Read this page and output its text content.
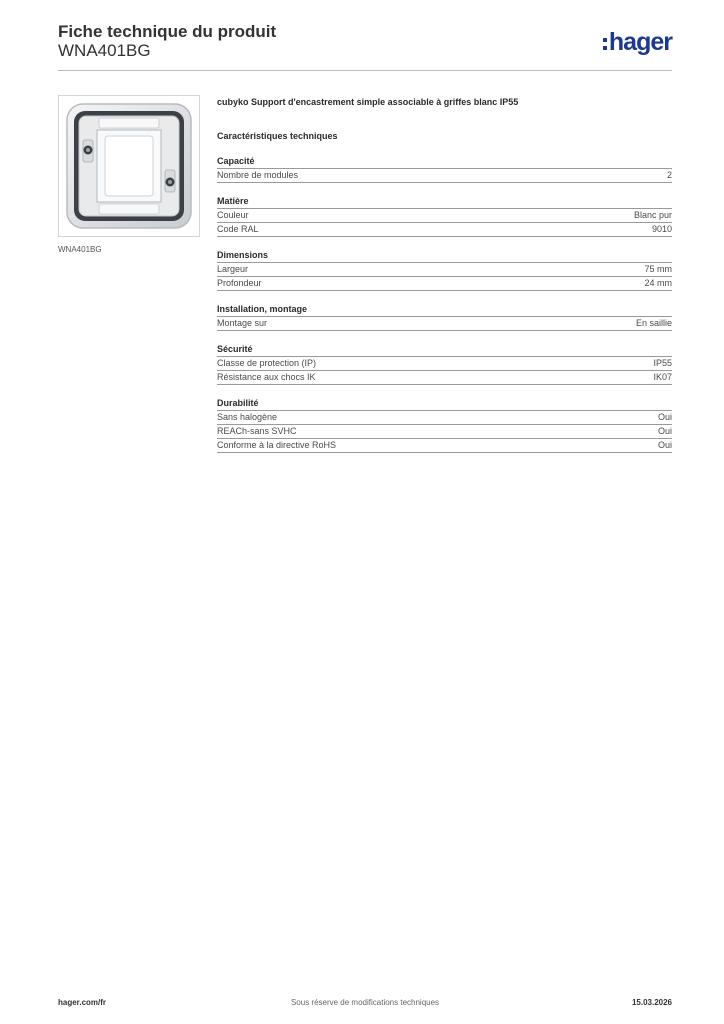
Fiche technique du produit
WNA401BG	hager
WNA401BG
cubyko Support d'encastrement simple associable à griffes blanc IP55
Caractéristiques techniques
Capacité
Nombre de modules	2
Matière
Couleur	Blanc pur
Code RAL	9010
Dimensions
Largeur	75 mm
Profondeur	24 mm
Installation, montage
Montage sur	En saillie
Sécurité
Classe de protection (IP)	IP55
Résistance aux chocs IK	IK07
Durabilité
Sans halogène	Oui
REACh-sans SVHC	Oui
Conforme à la directive RoHS	Oui
hager.com/fr	Sous réserve de modifications techniques	15.03.2026
